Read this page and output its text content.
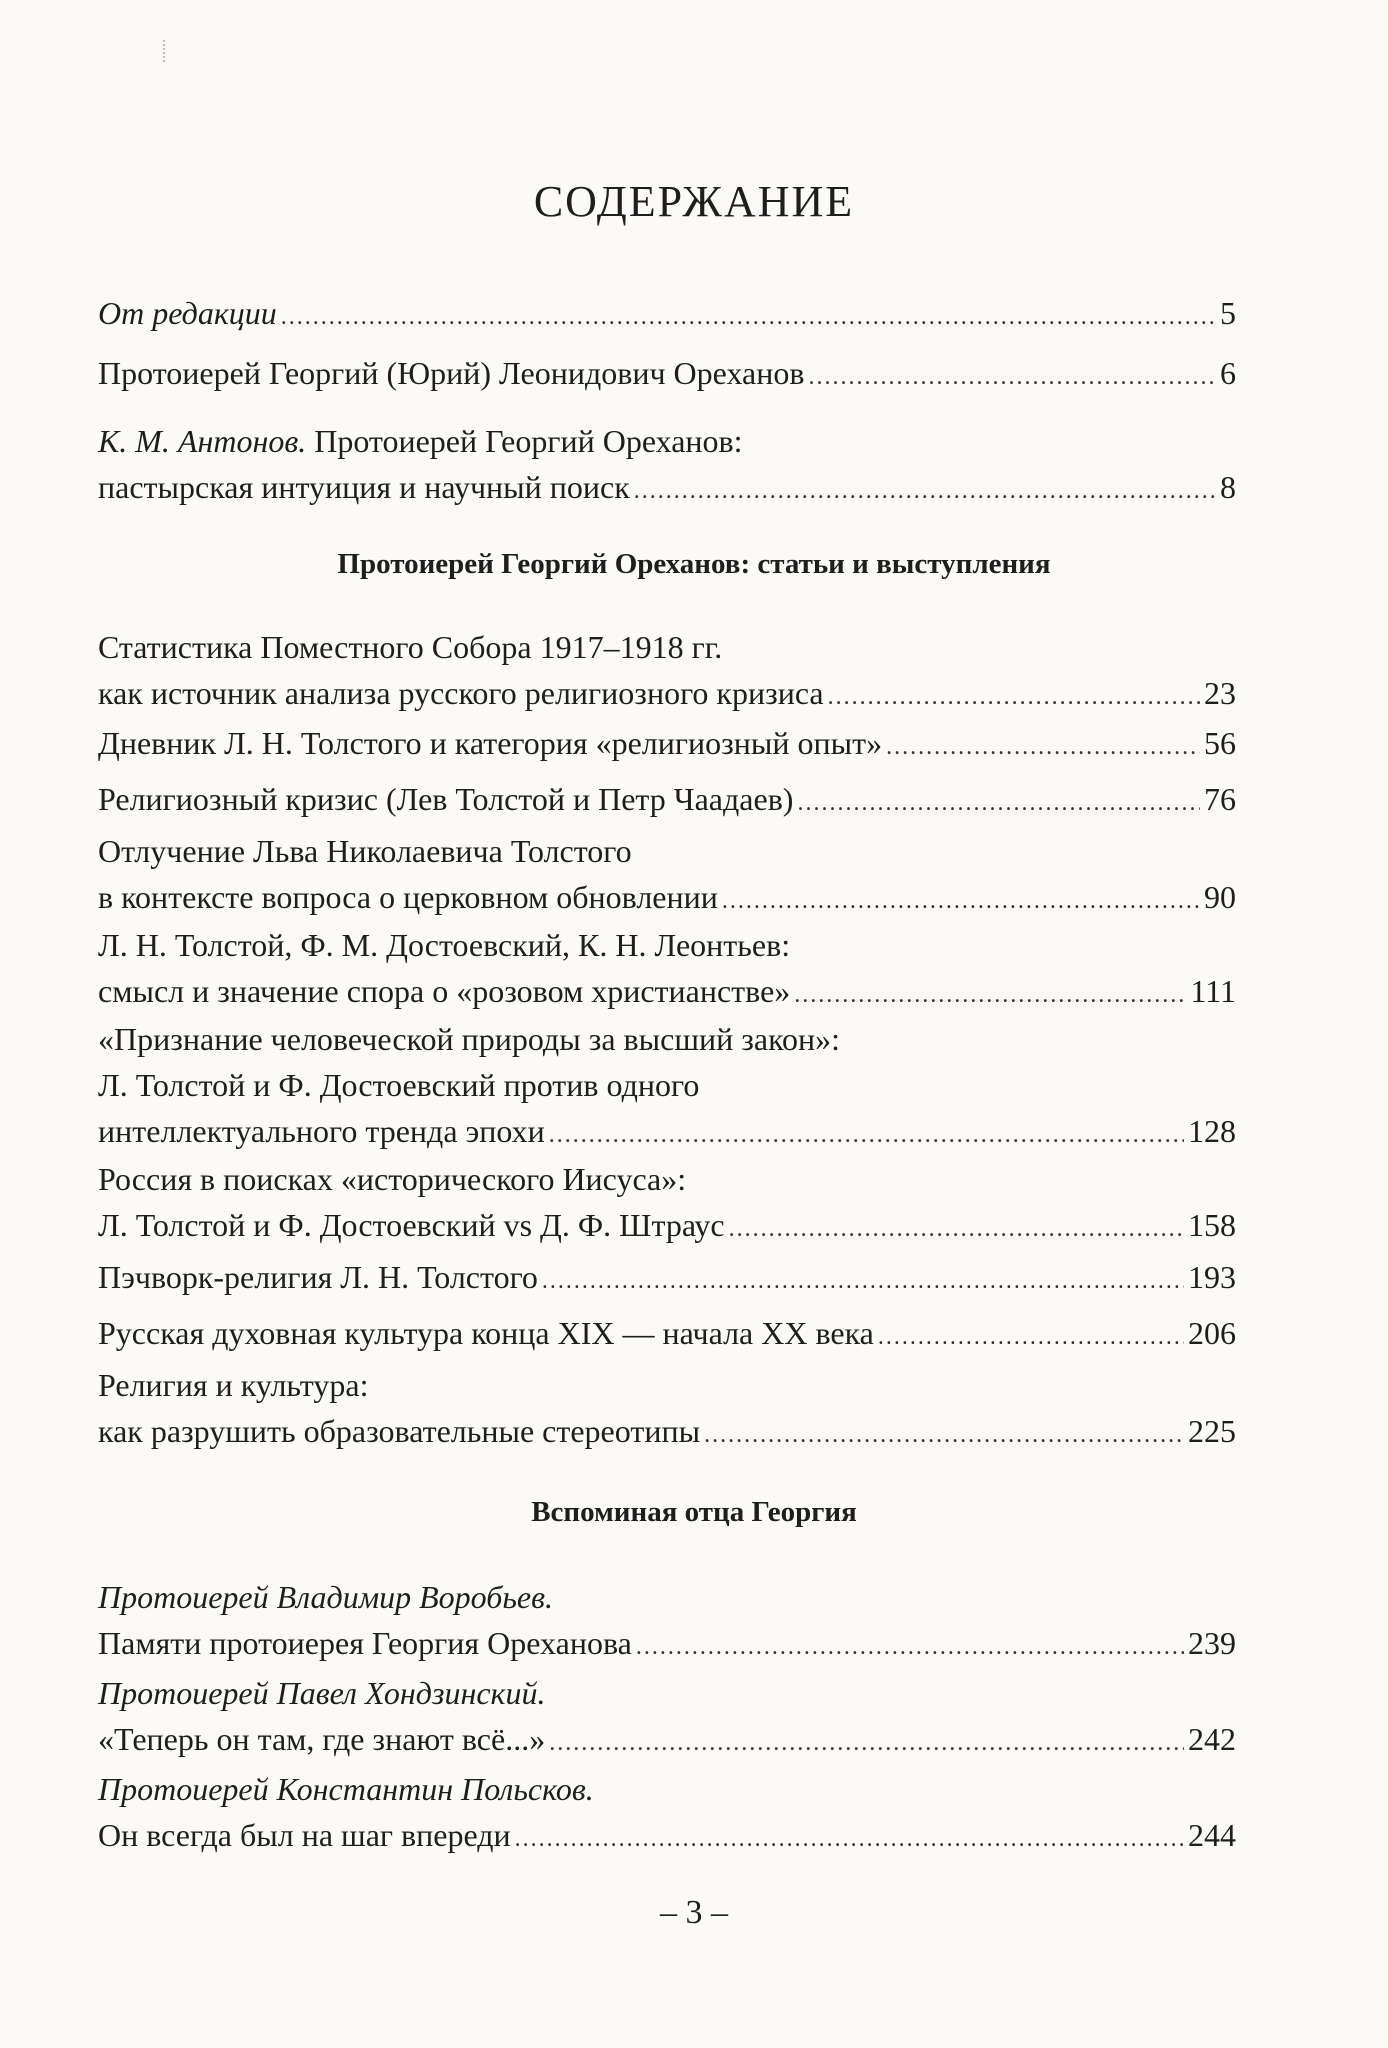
СОДЕРЖАНИЕ
От редакции .....	5
Протоиерей Георгий (Юрий) Леонидович Ореханов .....	6
К. М. Антонов. Протоиерей Георгий Ореханов:
пастырская интуиция и научный поиск .....	8
Протоиерей Георгий Ореханов: статьи и выступления
Статистика Поместного Собора 1917–1918 гг.
как источник анализа русского религиозного кризиса .....	23
Дневник Л. Н. Толстого и категория «религиозный опыт» .....	56
Религиозный кризис (Лев Толстой и Петр Чаадаев) .....	76
Отлучение Льва Николаевича Толстого
в контексте вопроса о церковном обновлении .....	90
Л. Н. Толстой, Ф. М. Достоевский, К. Н. Леонтьев:
смысл и значение спора о «розовом христианстве» .....	111
«Признание человеческой природы за высший закон»:
Л. Толстой и Ф. Достоевский против одного
интеллектуального тренда эпохи .....	128
Россия в поисках «исторического Иисуса»:
Л. Толстой и Ф. Достоевский vs Д. Ф. Штраус .....	158
Пэчворк-религия Л. Н. Толстого .....	193
Русская духовная культура конца XIX — начала XX века .....	206
Религия и культура:
как разрушить образовательные стереотипы .....	225
Вспоминая отца Георгия
Протоиерей Владимир Воробьев.
Памяти протоиерея Георгия Ореханова .....	239
Протоиерей Павел Хондзинский.
«Теперь он там, где знают всё...» .....	242
Протоиерей Константин Польсков.
Он всегда был на шаг впереди .....	244
– 3 –
